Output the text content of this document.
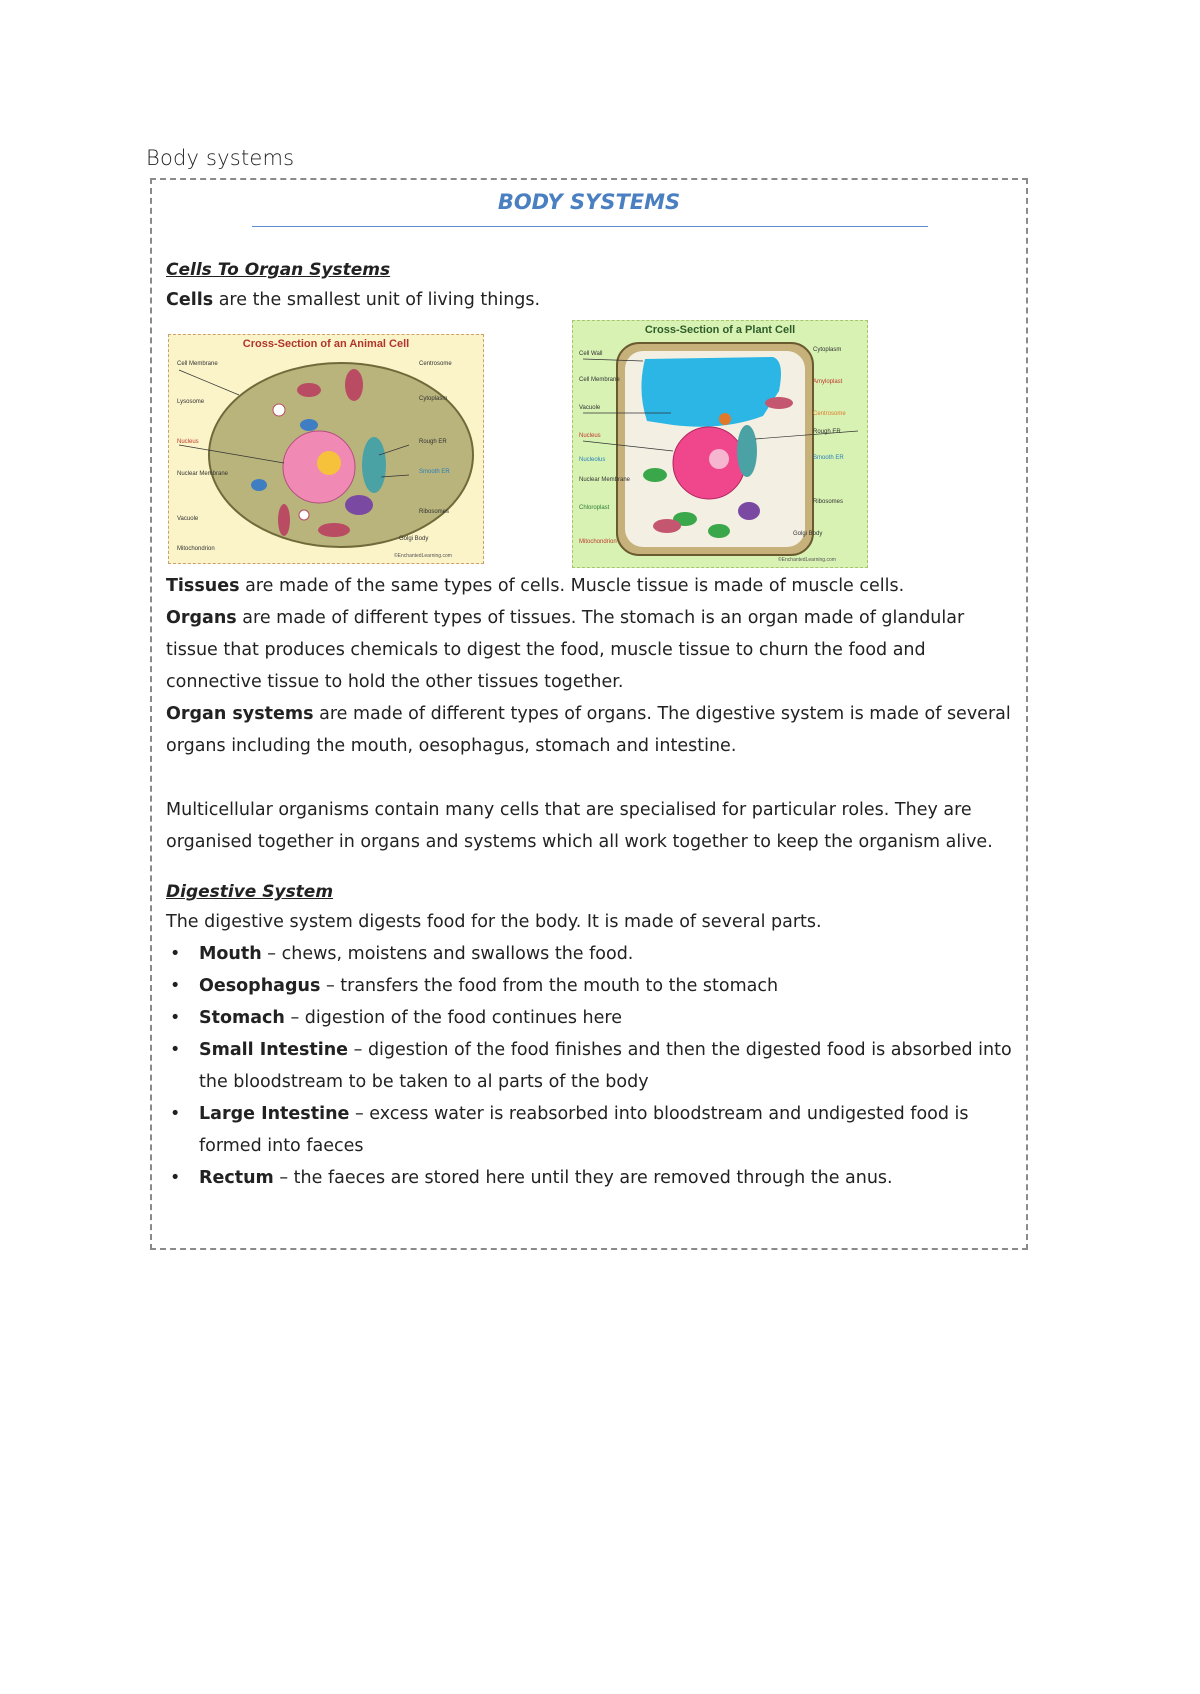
Body systems
BODY SYSTEMS
Cells To Organ Systems

Cells are the smallest unit of living things.

Cross-Section of an Animal Cell
Cell Membrane
Lysosome
Nucleus
Nuclear Membrane
Vacuole
Mitochondrion
Centrosome
Cytoplasm
Rough ER
Smooth ER
Ribosomes
Golgi Body
©EnchantedLearning.com
Cross-Section of a Plant Cell
Cell Wall
Cell Membrane
Vacuole
Nucleus
Nucleolus
Nuclear Membrane
Chloroplast
Mitochondrion
Cytoplasm
Amyloplast
Centrosome
Rough ER
Smooth ER
Ribosomes
Golgi Body
©EnchantedLearning.com

Tissues are made of the same types of cells. Muscle tissue is made of muscle cells.

Organs are made of different types of tissues. The stomach is an organ made of glandular tissue that produces chemicals to digest the food, muscle tissue to churn the food and connective tissue to hold the other tissues together.

Organ systems are made of different types of organs. The digestive system is made of several organs including the mouth, oesophagus, stomach and intestine.

Multicellular organisms contain many cells that are specialised for particular roles. They are organised together in organs and systems which all work together to keep the organism alive.

Digestive System

The digestive system digests food for the body. It is made of several parts.

• Mouth – chews, moistens and swallows the food.
• Oesophagus – transfers the food from the mouth to the stomach
• Stomach – digestion of the food continues here
• Small Intestine – digestion of the food finishes and then the digested food is absorbed into the bloodstream to be taken to al parts of the body
• Large Intestine – excess water is reabsorbed into bloodstream and undigested food is formed into faeces
• Rectum – the faeces are stored here until they are removed through the anus.
